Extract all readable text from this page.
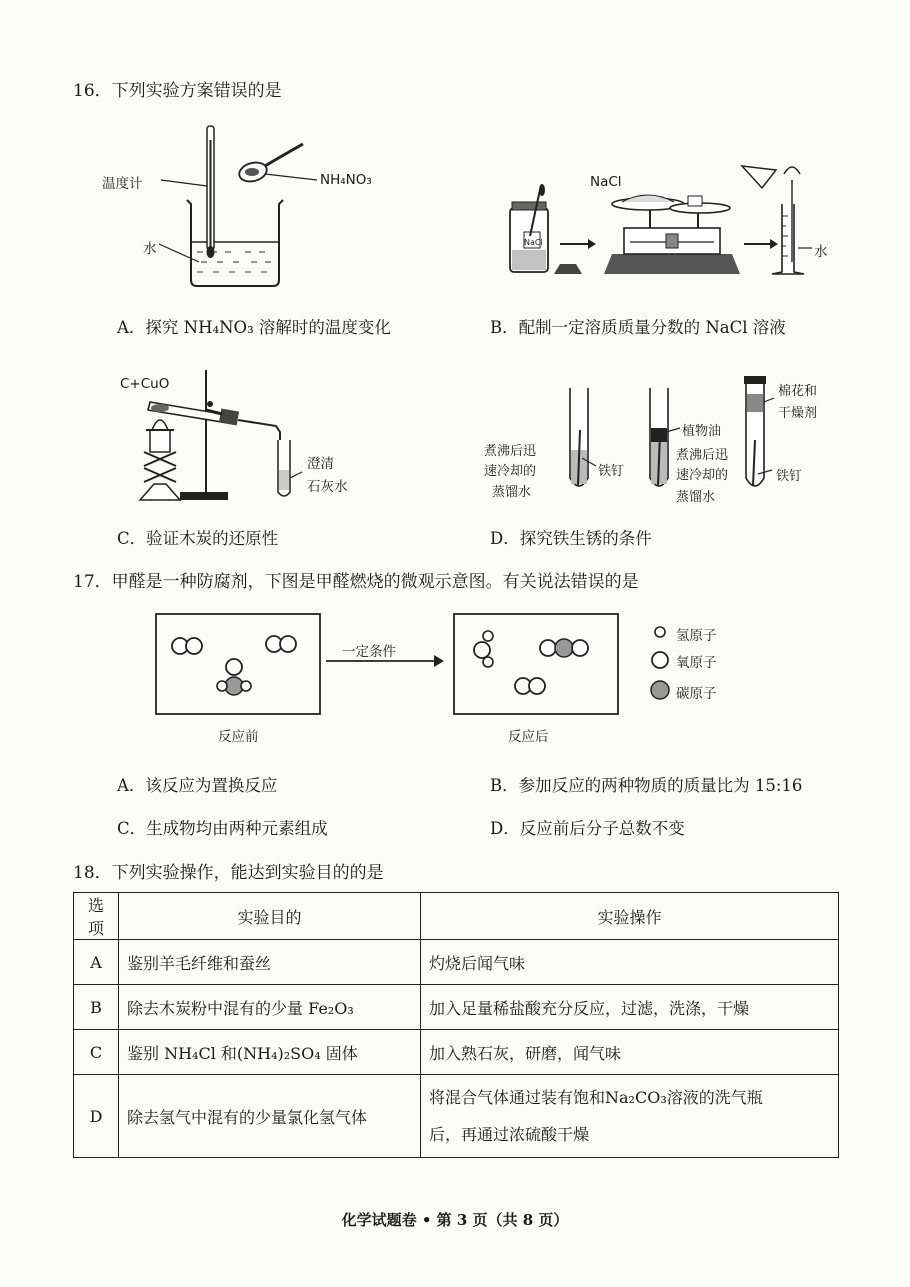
16．下列实验方案错误的是
温度计	NH₄NO₃
水	NaCl
NaCl
水
A．探究 NH₄NO₃ 溶解时的温度变化	B．配制一定溶质质量分数的 NaCl 溶液
C+CuO
澄清
石灰水
煮沸后迅
速冷却的
蒸馏水
铁钉
植物油
煮沸后迅
速冷却的
蒸馏水
棉花和
干燥剂
铁钉
C．验证木炭的还原性	D．探究铁生锈的条件
17．甲醛是一种防腐剂，下图是甲醛燃烧的微观示意图。有关说法错误的是
一定条件
反应前	反应后
氢原子
氧原子
碳原子
A．该反应为置换反应	B．参加反应的两种物质的质量比为 15:16
C．生成物均由两种元素组成	D．反应前后分子总数不变
18．下列实验操作，能达到实验目的的是
选项	实验目的	实验操作
A	鉴别羊毛纤维和蚕丝	灼烧后闻气味
B	除去木炭粉中混有的少量 Fe₂O₃	加入足量稀盐酸充分反应，过滤，洗涤，干燥
C	鉴别 NH₄Cl 和(NH₄)₂SO₄ 固体	加入熟石灰，研磨，闻气味
D	除去氢气中混有的少量氯化氢气体	将混合气体通过装有饱和Na₂CO₃溶液的洗气瓶
后，再通过浓硫酸干燥
化学试题卷 • 第 3 页（共 8 页）
